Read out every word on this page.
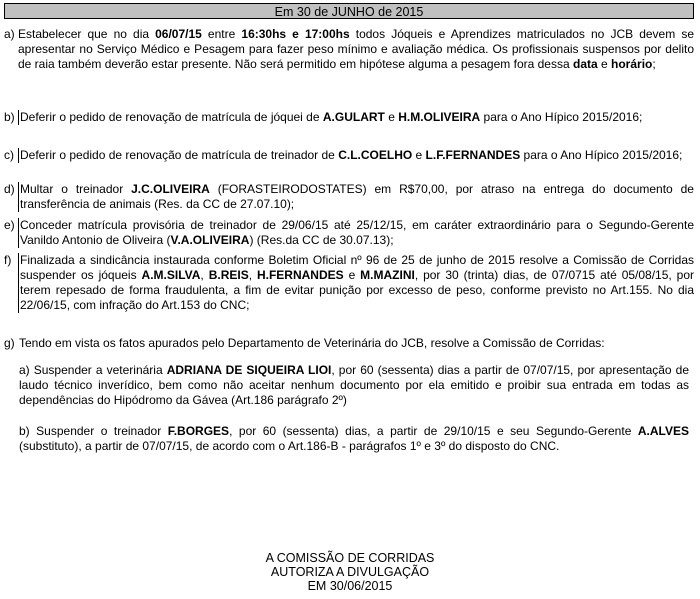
Em 30 de JUNHO de 2015
a) Estabelecer que no dia 06/07/15 entre 16:30hs e 17:00hs todos Jóqueis e Aprendizes matriculados no JCB devem se apresentar no Serviço Médico e Pesagem para fazer peso mínimo e avaliação médica. Os profissionais suspensos por delito de raia também deverão estar presente. Não será permitido em hipótese alguma a pesagem fora dessa data e horário;
b) Deferir o pedido de renovação de matrícula de jóquei de A.GULART e H.M.OLIVEIRA para o Ano Hípico 2015/2016;
c) Deferir o pedido de renovação de matrícula de treinador de C.L.COELHO e L.F.FERNANDES para o Ano Hípico 2015/2016;
d) Multar o treinador J.C.OLIVEIRA (FORASTEIRODOSTATES) em R$70,00, por atraso na entrega do documento de transferência de animais (Res. da CC de 27.07.10);
e) Conceder matrícula provisória de treinador de 29/06/15 até 25/12/15, em caráter extraordinário para o Segundo-Gerente Vanildo Antonio de Oliveira (V.A.OLIVEIRA) (Res.da CC de 30.07.13);
f) Finalizada a sindicância instaurada conforme Boletim Oficial nº 96 de 25 de junho de 2015 resolve a Comissão de Corridas suspender os jóqueis A.M.SILVA, B.REIS, H.FERNANDES e M.MAZINI, por 30 (trinta) dias, de 07/0715 até 05/08/15, por terem repesado de forma fraudulenta, a fim de evitar punição por excesso de peso, conforme previsto no Art.155. No dia 22/06/15, com infração do Art.153 do CNC;
g) Tendo em vista os fatos apurados pelo Departamento de Veterinária do JCB, resolve a Comissão de Corridas:
a) Suspender a veterinária ADRIANA DE SIQUEIRA LIOI, por 60 (sessenta) dias a partir de 07/07/15, por apresentação de laudo técnico inverídico, bem como não aceitar nenhum documento por ela emitido e proibir sua entrada em todas as dependências do Hipódromo da Gávea (Art.186 parágrafo 2º)
b) Suspender o treinador F.BORGES, por 60 (sessenta) dias, a partir de 29/10/15 e seu Segundo-Gerente A.ALVES (substituto), a partir de 07/07/15, de acordo com o Art.186-B - parágrafos 1º e 3º do disposto do CNC.
A COMISSÃO DE CORRIDAS
AUTORIZA A DIVULGAÇÃO
EM 30/06/2015
